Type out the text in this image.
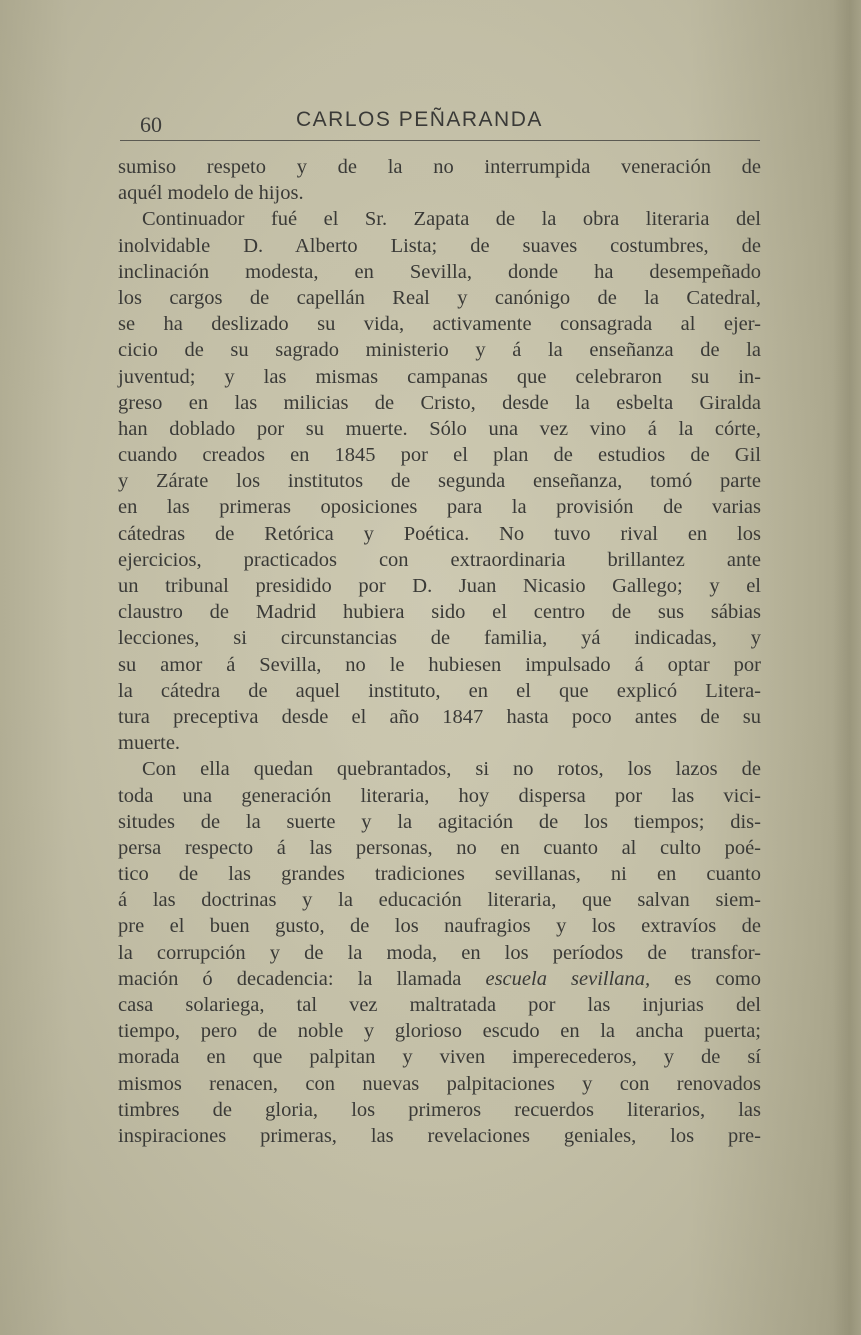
60	CARLOS PEÑARANDA
sumiso respeto y de la no interrumpida veneración de
aquél modelo de hijos.
Continuador fué el Sr. Zapata de la obra literaria del
inolvidable D. Alberto Lista; de suaves costumbres, de
inclinación modesta, en Sevilla, donde ha desempeñado
los cargos de capellán Real y canónigo de la Catedral,
se ha deslizado su vida, activamente consagrada al ejer-
cicio de su sagrado ministerio y á la enseñanza de la
juventud; y las mismas campanas que celebraron su in-
greso en las milicias de Cristo, desde la esbelta Giralda
han doblado por su muerte. Sólo una vez vino á la córte,
cuando creados en 1845 por el plan de estudios de Gil
y Zárate los institutos de segunda enseñanza, tomó parte
en las primeras oposiciones para la provisión de varias
cátedras de Retórica y Poética. No tuvo rival en los
ejercicios, practicados con extraordinaria brillantez ante
un tribunal presidido por D. Juan Nicasio Gallego; y el
claustro de Madrid hubiera sido el centro de sus sábias
lecciones, si circunstancias de familia, yá indicadas, y
su amor á Sevilla, no le hubiesen impulsado á optar por
la cátedra de aquel instituto, en el que explicó Litera-
tura preceptiva desde el año 1847 hasta poco antes de su
muerte.
Con ella quedan quebrantados, si no rotos, los lazos de
toda una generación literaria, hoy dispersa por las vici-
situdes de la suerte y la agitación de los tiempos; dis-
persa respecto á las personas, no en cuanto al culto poé-
tico de las grandes tradiciones sevillanas, ni en cuanto
á las doctrinas y la educación literaria, que salvan siem-
pre el buen gusto, de los naufragios y los extravíos de
la corrupción y de la moda, en los períodos de transfor-
mación ó decadencia: la llamada escuela sevillana, es como
casa solariega, tal vez maltratada por las injurias del
tiempo, pero de noble y glorioso escudo en la ancha puerta;
morada en que palpitan y viven imperecederos, y de sí
mismos renacen, con nuevas palpitaciones y con renovados
timbres de gloria, los primeros recuerdos literarios, las
inspiraciones primeras, las revelaciones geniales, los pre-
